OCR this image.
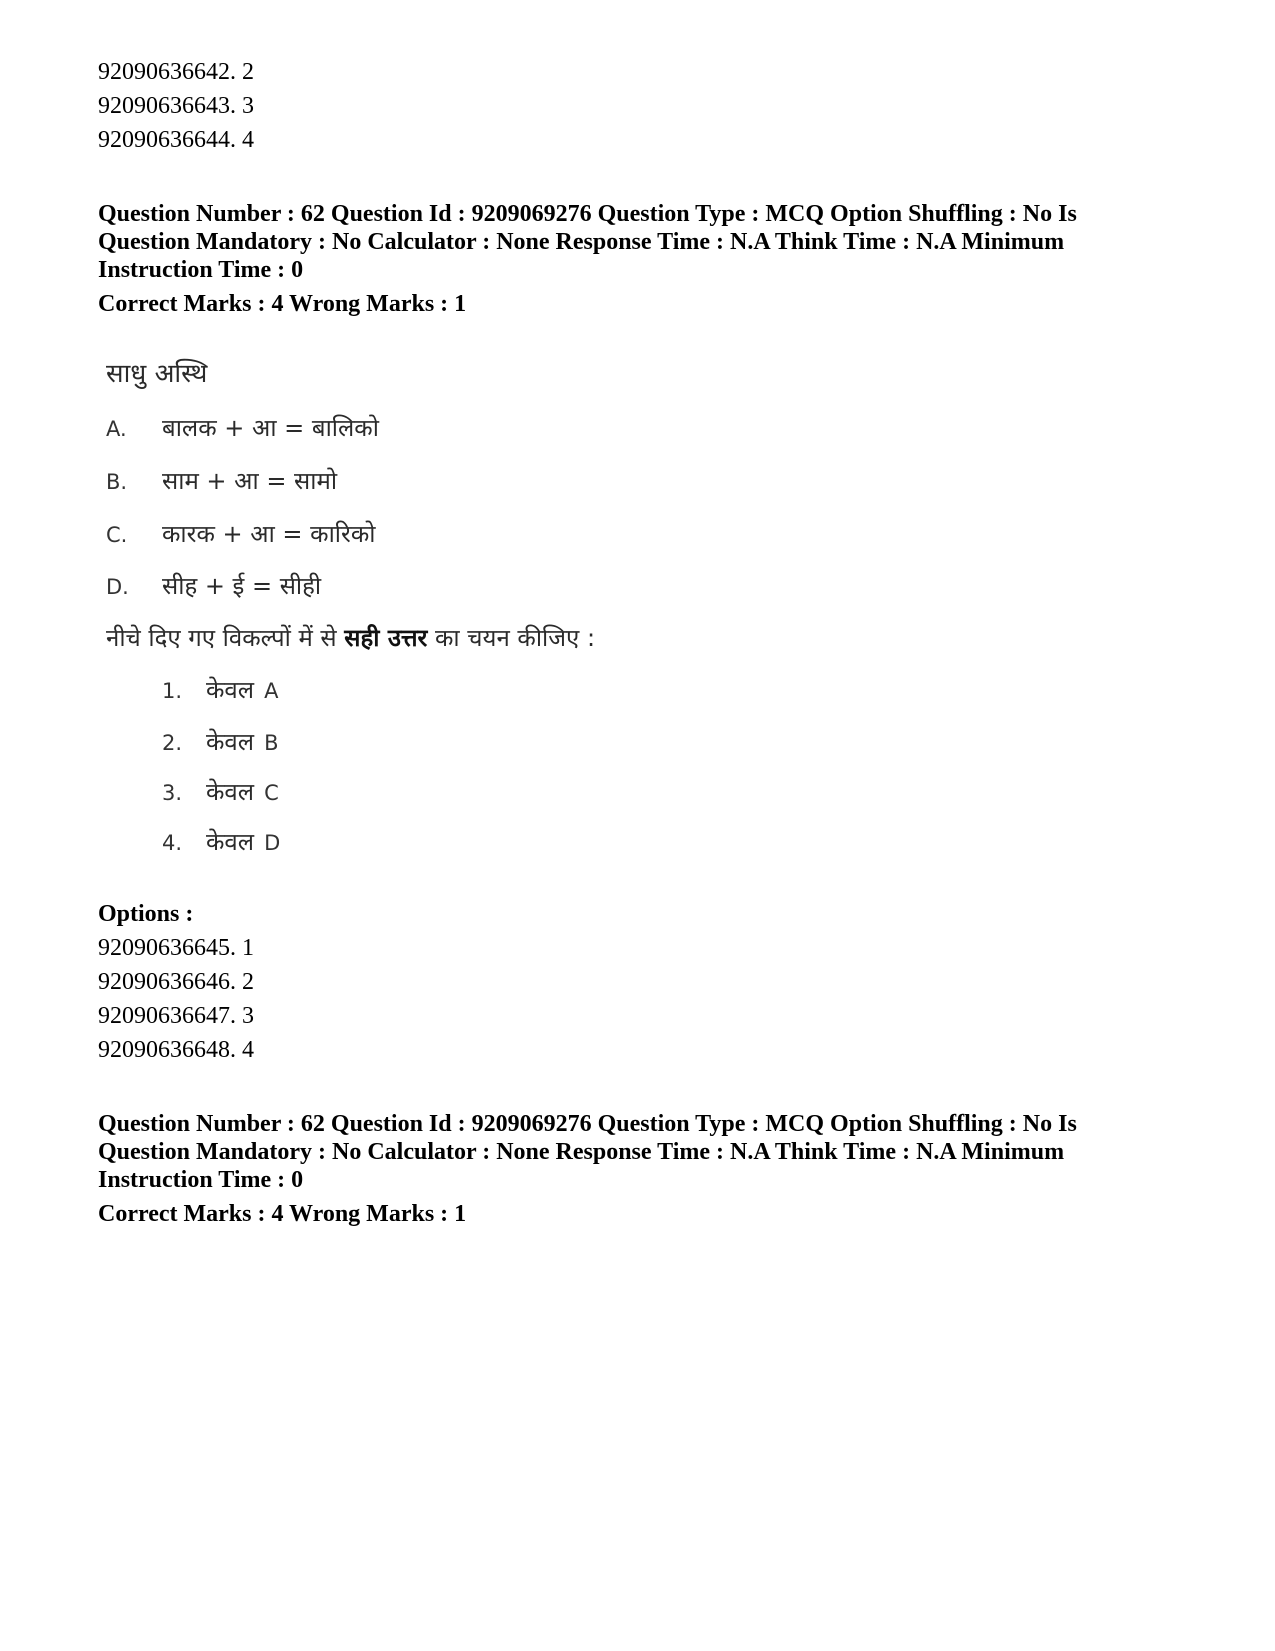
92090636642. 2
92090636643. 3
92090636644. 4
Question Number : 62 Question Id : 9209069276 Question Type : MCQ Option Shuffling : No Is
Question Mandatory : No Calculator : None Response Time : N.A Think Time : N.A Minimum
Instruction Time : 0
Correct Marks : 4 Wrong Marks : 1
साधु अस्थि
A. बालक + आ = बालिको
B. साम + आ = सामो
C. कारक + आ = कारिको
D. सीह + ई = सीही
नीचे दिए गए विकल्पों में से सही उत्तर का चयन कीजिए :
1. केवल A
2. केवल B
3. केवल C
4. केवल D
Options :
92090636645. 1
92090636646. 2
92090636647. 3
92090636648. 4
Question Number : 62 Question Id : 9209069276 Question Type : MCQ Option Shuffling : No Is
Question Mandatory : No Calculator : None Response Time : N.A Think Time : N.A Minimum
Instruction Time : 0
Correct Marks : 4 Wrong Marks : 1
